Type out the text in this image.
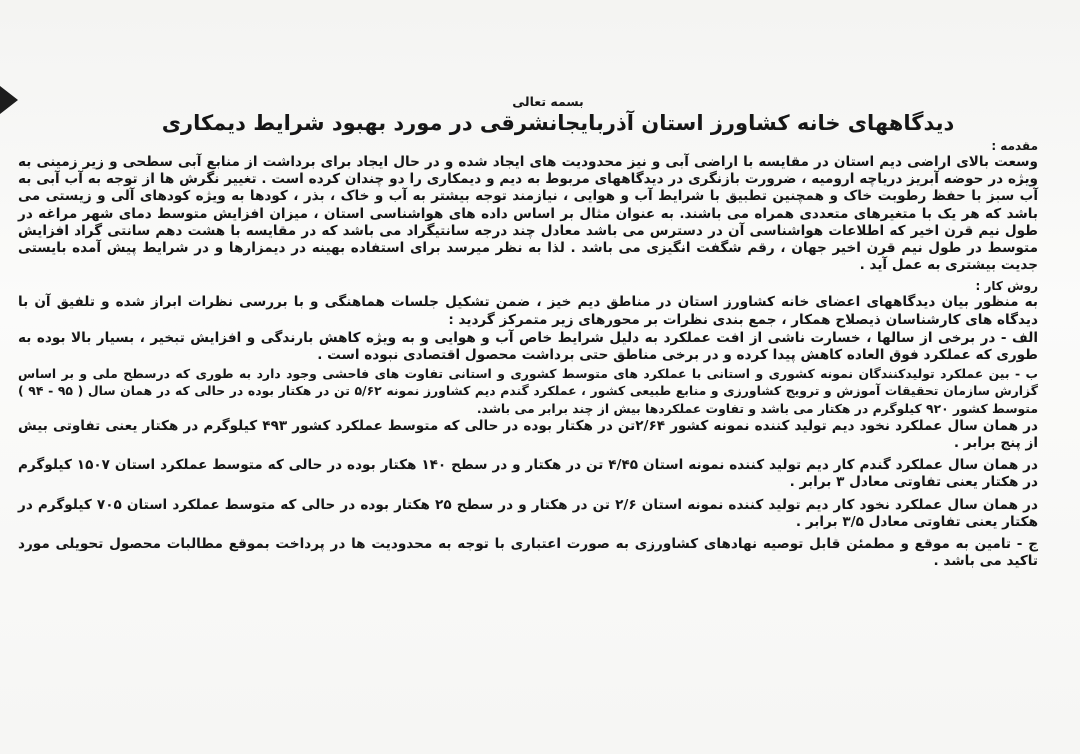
بسمه تعالی

دیدگاههای خانه کشاورز استان آذربایجانشرقی در مورد بهبود شرایط دیمکاری

مقدمه :

وسعت بالای اراضی دیم استان در مقایسه با اراضی آبی و نیز محدودیت های ایجاد شده و در حال ایجاد برای برداشت از منابع آبی سطحی و زیر زمینی به ویژه در حوضه آبریز دریاچه ارومیه ، ضرورت بازنگری در دیدگاههای مربوط به دیم و دیمکاری را دو چندان کرده است . تغییر نگرش ها از توجه به آب آبی به آب سبز با حفظ رطوبت خاک و همچنین تطبیق با شرایط آب و هوایی ، نیازمند توجه بیشتر به آب و خاک ، بذر ، کودها به ویژه کودهای آلی و زیستی می باشد که هر یک با متغیرهای متعددی همراه می باشند. به عنوان مثال بر اساس داده های هواشناسی استان ، میزان افزایش متوسط دمای شهر مراغه در طول نیم قرن اخیر که اطلاعات هواشناسی آن در دسترس می باشد معادل چند درجه سانتیگراد می باشد که در مقایسه با هشت دهم سانتی گراد افزایش متوسط در طول نیم قرن اخیر جهان ، رقم شگفت انگیزی می باشد . لذا به نظر میرسد برای استفاده بهینه در دیمزارها و در شرایط پیش آمده بایستی جدیت بیشتری به عمل آید .

روش کار :

به منظور بیان دیدگاههای اعضای خانه کشاورز استان در مناطق دیم خیز ، ضمن تشکیل جلسات هماهنگی و با بررسی نظرات ابراز شده و تلفیق آن با دیدگاه های کارشناسان ذیصلاح همکار ، جمع بندی نظرات بر محورهای زیر متمرکز گردید :

الف - در برخی از سالها ، خسارت ناشی از افت عملکرد به دلیل شرایط خاص آب و هوایی و به ویژه کاهش بارندگی و افزایش تبخیر ، بسیار بالا بوده به طوری که عملکرد فوق العاده کاهش پیدا کرده و در برخی مناطق حتی برداشت محصول اقتصادی نبوده است .

ب - بین عملکرد تولیدکنندگان نمونه کشوری و استانی با عملکرد های متوسط کشوری و استانی تفاوت های فاحشی وجود دارد به طوری که درسطح ملی و بر اساس گزارش سازمان تحقیقات آموزش و ترویج کشاورزی و منابع طبیعی کشور ، عملکرد گندم دیم کشاورز نمونه ۵/۶۲ تن در هکتار بوده در حالی که در همان سال ( ۹۵ - ۹۴ ) متوسط کشور ۹۲۰ کیلوگرم در هکتار می باشد و تفاوت عملکردها بیش از چند برابر می باشد.

در همان سال عملکرد نخود دیم تولید کننده نمونه کشور ۲/۶۴تن در هکتار بوده در حالی که متوسط عملکرد کشور ۴۹۳ کیلوگرم در هکتار یعنی تفاوتی بیش از پنج برابر .

در همان سال عملکرد گندم کار دیم تولید کننده نمونه استان ۴/۴۵ تن در هکتار و در سطح ۱۴۰ هکتار بوده در حالی که متوسط عملکرد استان ۱۵۰۷ کیلوگرم در هکتار یعنی تفاوتی معادل ۳ برابر .

در همان سال عملکرد نخود کار دیم تولید کننده نمونه استان ۲/۶ تن در هکتار و در سطح ۲۵ هکتار بوده در حالی که متوسط عملکرد استان ۷۰۵ کیلوگرم در هکتار یعنی تفاوتی معادل ۳/۵ برابر .

ج - تامین به موقع و مطمئن قابل توصیه نهادهای کشاورزی به صورت اعتباری با توجه به محدودیت ها در پرداخت بموقع مطالبات محصول تحویلی مورد تاکید می باشد .
